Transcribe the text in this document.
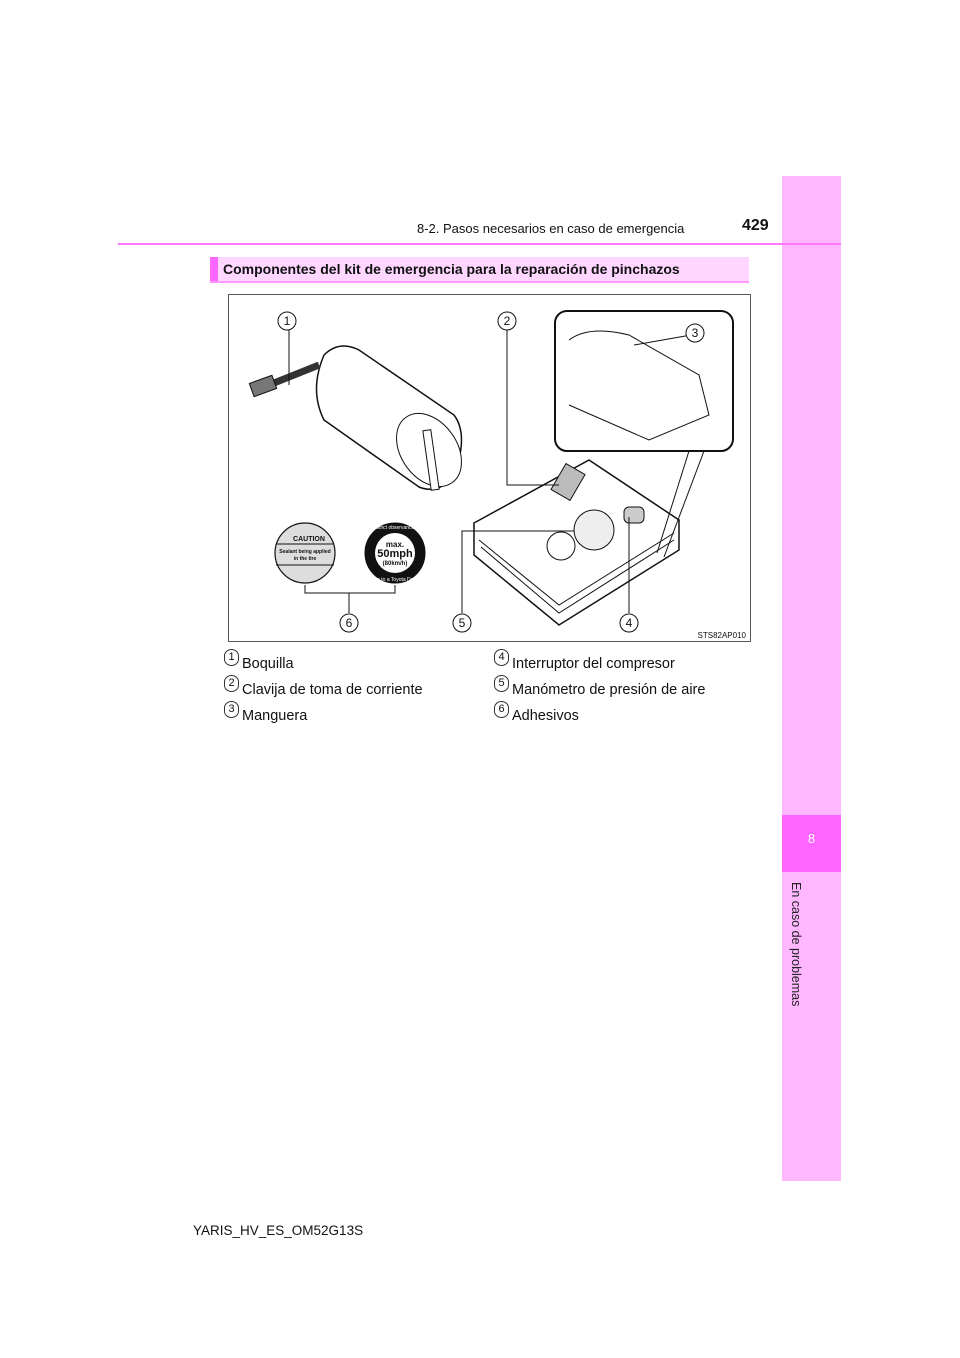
8
En caso de problemas
8-2. Pasos necesarios en caso de emergencia	429
Componentes del kit de emergencia para la reparación de pinchazos
CAUTION
Sealant being applied
in the tire
max.
50mph
(80km/h)
Strict observance
Drive to a Toyota Dealer
1	2
3
4
5
6
STS82AP010
1 Boquilla
2 Clavija de toma de corriente
3 Manguera
4 Interruptor del compresor
5 Manómetro de presión de aire
6 Adhesivos
YARIS_HV_ES_OM52G13S
